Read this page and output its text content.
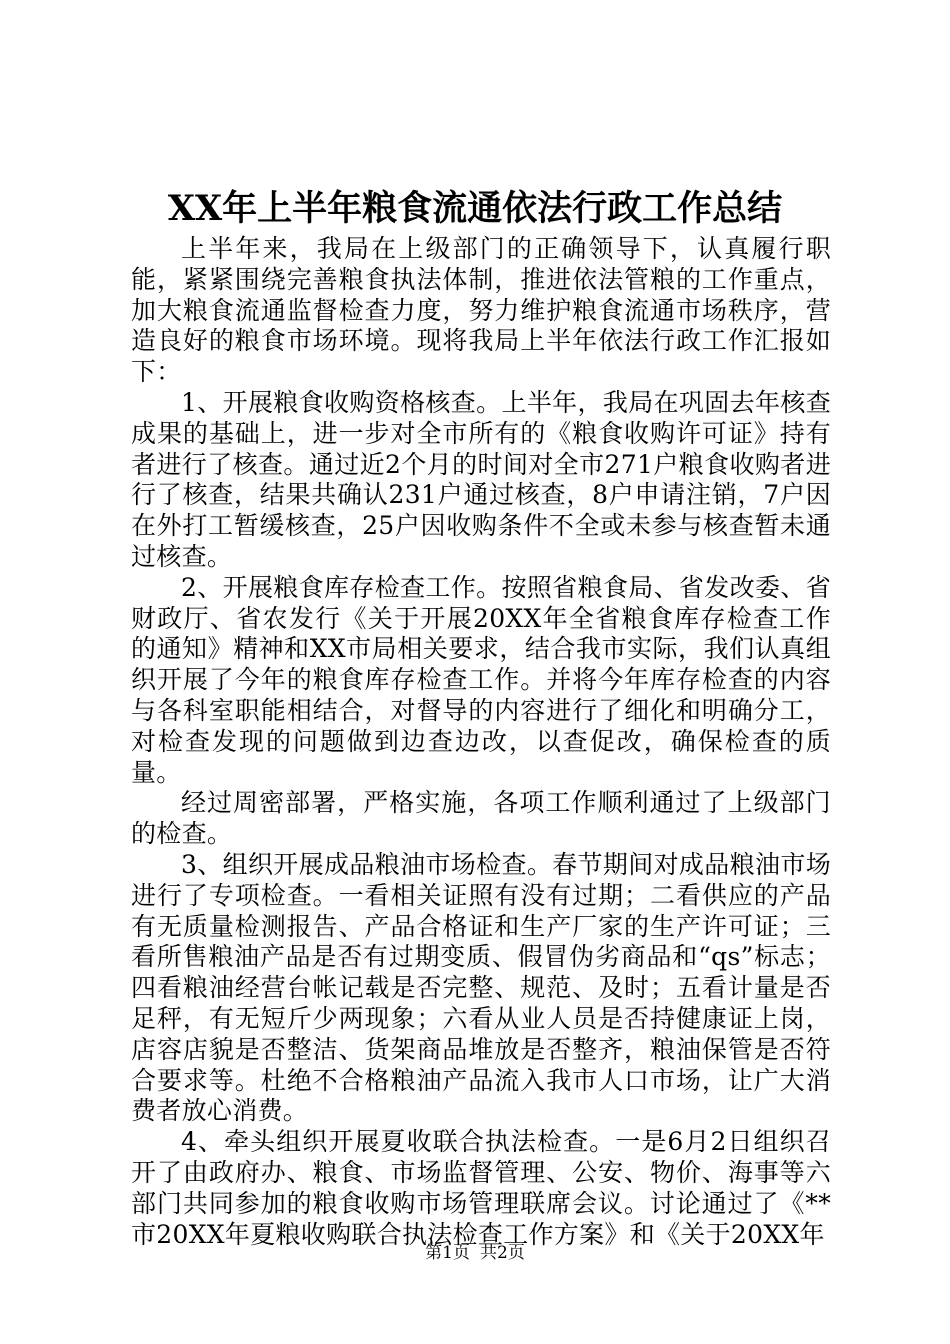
XX年上半年粮食流通依法行政工作总结

上半年来，我局在上级部门的正确领导下，认真履行职能，紧紧围绕完善粮食执法体制，推进依法管粮的工作重点，加大粮食流通监督检查力度，努力维护粮食流通市场秩序，营造良好的粮食市场环境。现将我局上半年依法行政工作汇报如下：

1、开展粮食收购资格核查。上半年，我局在巩固去年核查成果的基础上，进一步对全市所有的《粮食收购许可证》持有者进行了核查。通过近2个月的时间对全市271户粮食收购者进行了核查，结果共确认231户通过核查，8户申请注销，7户因在外打工暂缓核查，25户因收购条件不全或未参与核查暂未通过核查。

2、开展粮食库存检查工作。按照省粮食局、省发改委、省财政厅、省农发行《关于开展20XX年全省粮食库存检查工作的通知》精神和XX市局相关要求，结合我市实际，我们认真组织开展了今年的粮食库存检查工作。并将今年库存检查的内容与各科室职能相结合，对督导的内容进行了细化和明确分工，对检查发现的问题做到边查边改，以查促改，确保检查的质量。

经过周密部署，严格实施，各项工作顺利通过了上级部门的检查。

3、组织开展成品粮油市场检查。春节期间对成品粮油市场进行了专项检查。一看相关证照有没有过期；二看供应的产品有无质量检测报告、产品合格证和生产厂家的生产许可证；三看所售粮油产品是否有过期变质、假冒伪劣商品和“qs”标志；四看粮油经营台帐记载是否完整、规范、及时；五看计量是否足秤，有无短斤少两现象；六看从业人员是否持健康证上岗，店容店貌是否整洁、货架商品堆放是否整齐，粮油保管是否符合要求等。杜绝不合格粮油产品流入我市人口市场，让广大消费者放心消费。

4、牵头组织开展夏收联合执法检查。一是6月2日组织召开了由政府办、粮食、市场监督管理、公安、物价、海事等六部门共同参加的粮食收购市场管理联席会议。讨论通过了《**市20XX年夏粮收购联合执法检查工作方案》和《关于20XX年

第1页 共2页
